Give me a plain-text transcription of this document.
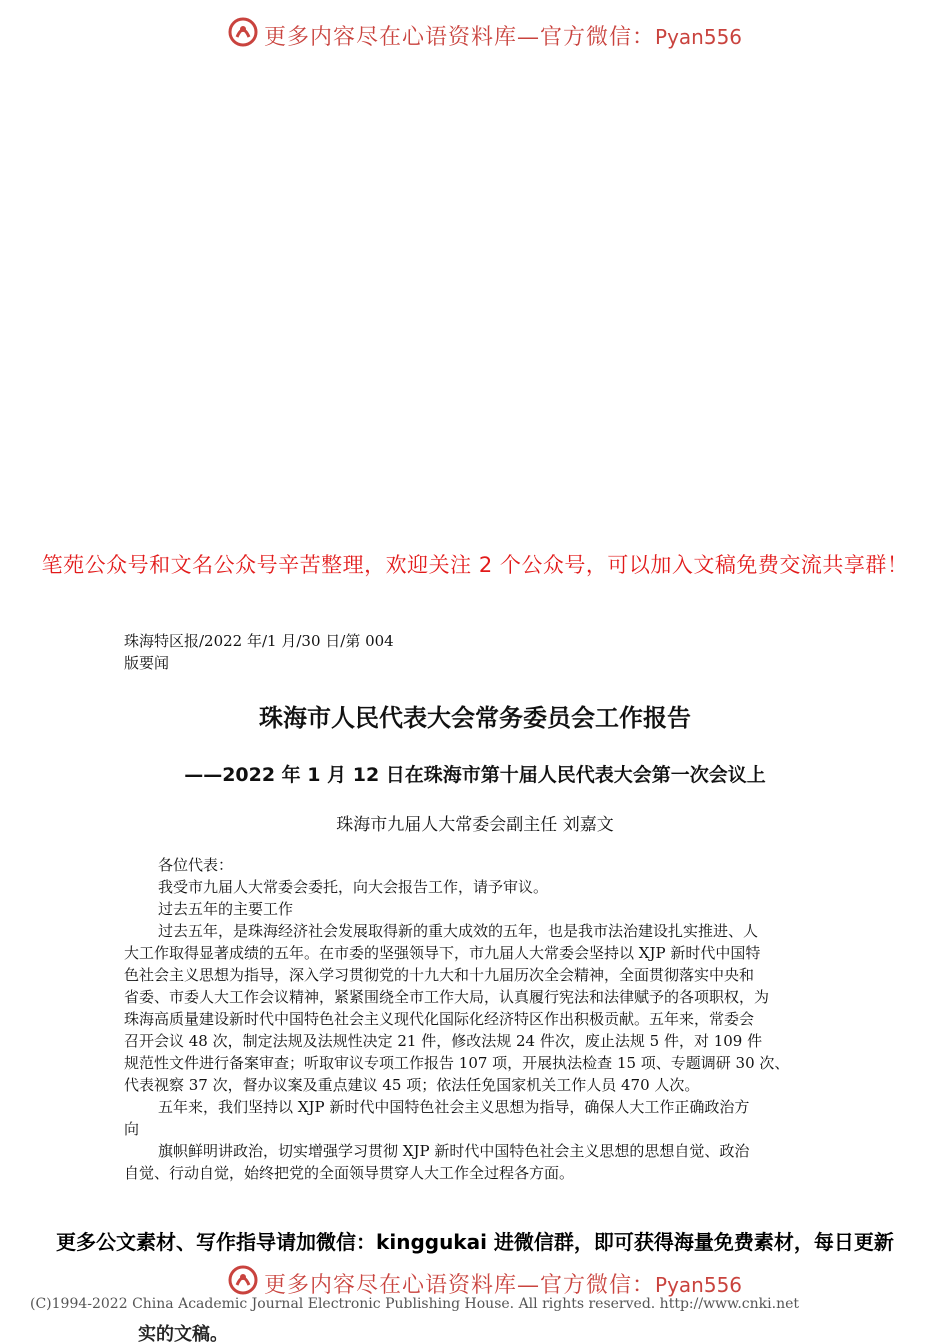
更多内容尽在心语资料库—官方微信：Pyan556
笔苑公众号和文名公众号辛苦整理，欢迎关注 2 个公众号，可以加入文稿免费交流共享群！
珠海特区报/2022 年/1 月/30 日/第 004
版要闻
珠海市人民代表大会常务委员会工作报告
——2022 年 1 月 12 日在珠海市第十届人民代表大会第一次会议上
珠海市九届人大常委会副主任 刘嘉文

各位代表：

我受市九届人大常委会委托，向大会报告工作，请予审议。

过去五年的主要工作

过去五年，是珠海经济社会发展取得新的重大成效的五年，也是我市法治建设扎实推进、人

大工作取得显著成绩的五年。在市委的坚强领导下，市九届人大常委会坚持以 XJP 新时代中国特

色社会主义思想为指导，深入学习贯彻党的十九大和十九届历次全会精神，全面贯彻落实中央和

省委、市委人大工作会议精神，紧紧围绕全市工作大局，认真履行宪法和法律赋予的各项职权，为

珠海高质量建设新时代中国特色社会主义现代化国际化经济特区作出积极贡献。五年来，常委会

召开会议 48 次，制定法规及法规性决定 21 件，修改法规 24 件次，废止法规 5 件，对 109 件

规范性文件进行备案审查；听取审议专项工作报告 107 项，开展执法检查 15 项、专题调研 30 次、

代表视察 37 次，督办议案及重点建议 45 项；依法任免国家机关工作人员 470 人次。

五年来，我们坚持以 XJP 新时代中国特色社会主义思想为指导，确保人大工作正确政治方

向

旗帜鲜明讲政治，切实增强学习贯彻 XJP 新时代中国特色社会主义思想的思想自觉、政治

自觉、行动自觉，始终把党的全面领导贯穿人大工作全过程各方面。

更多公文素材、写作指导请加微信：kinggukai 进微信群，即可获得海量免费素材，每日更新
更多内容尽在心语资料库—官方微信：Pyan556
(C)1994-2022 China Academic Journal Electronic Publishing House. All rights reserved. http://www.cnki.net
实的文稿。
